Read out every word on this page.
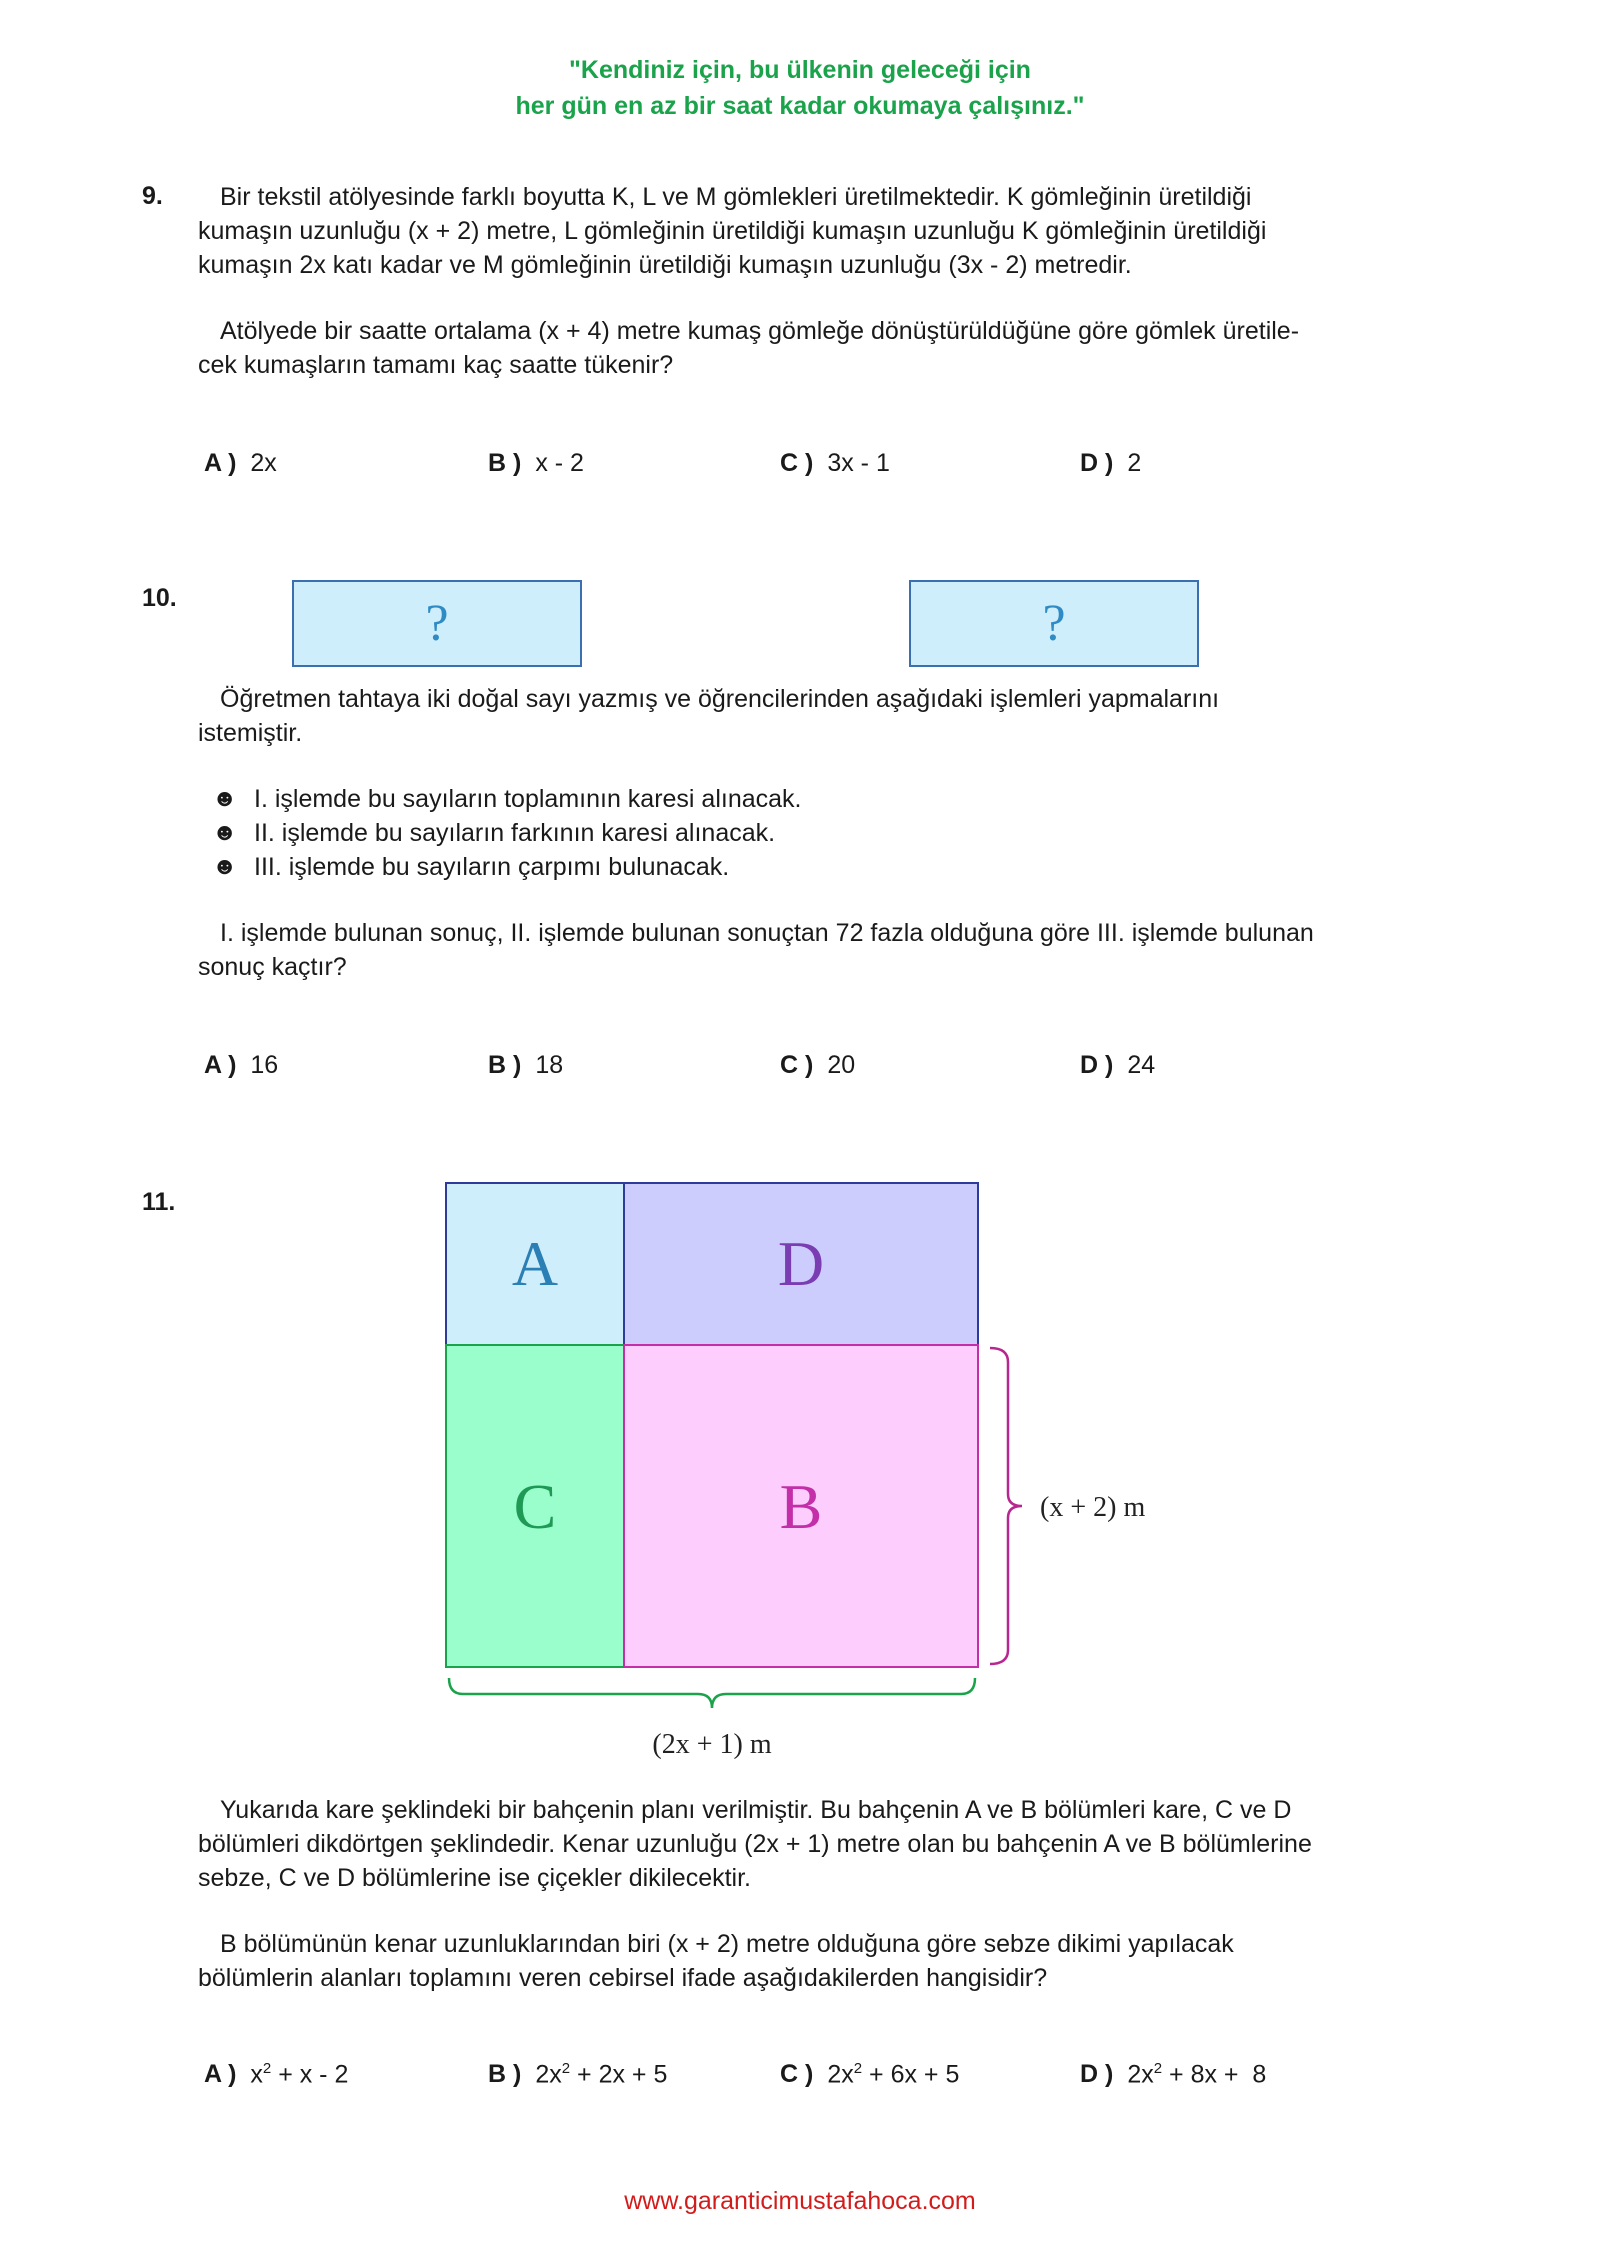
"Kendiniz için, bu ülkenin geleceği için
her gün en az bir saat kadar okumaya çalışınız."
9.	Bir tekstil atölyesinde farklı boyutta K, L ve M gömlekleri üretilmektedir. K gömleğinin üretildiği
kumaşın uzunluğu (x + 2) metre, L gömleğinin üretildiği kumaşın uzunluğu K gömleğinin üretildiği
kumaşın 2x katı kadar ve M gömleğinin üretildiği kumaşın uzunluğu (3x - 2) metredir.
Atölyede bir saatte ortalama (x + 4) metre kumaş gömleğe dönüştürüldüğüne göre gömlek üretile-
cek kumaşların tamamı kaç saatte tükenir?
A ) 2x	B ) x - 2	C ) 3x - 1	D ) 2
10.	?	?
Öğretmen tahtaya iki doğal sayı yazmış ve öğrencilerinden aşağıdaki işlemleri yapmalarını
istemiştir.
☻ I. işlemde bu sayıların toplamının karesi alınacak.
☻ II. işlemde bu sayıların farkının karesi alınacak.
☻ III. işlemde bu sayıların çarpımı bulunacak.
I. işlemde bulunan sonuç, II. işlemde bulunan sonuçtan 72 fazla olduğuna göre III. işlemde bulunan
sonuç kaçtır?
A ) 16	B ) 18	C ) 20	D ) 24
11.
A	D
C	B	(x + 2) m
(2x + 1) m
Yukarıda kare şeklindeki bir bahçenin planı verilmiştir. Bu bahçenin A ve B bölümleri kare, C ve D
bölümleri dikdörtgen şeklindedir. Kenar uzunluğu (2x + 1) metre olan bu bahçenin A ve B bölümlerine
sebze, C ve D bölümlerine ise çiçekler dikilecektir.
B bölümünün kenar uzunluklarından biri (x + 2) metre olduğuna göre sebze dikimi yapılacak
bölümlerin alanları toplamını veren cebirsel ifade aşağıdakilerden hangisidir?
A ) $x^2 + x - 2$	B ) $2x^2 + 2x + 5$	C ) $2x^2 + 6x + 5$	D ) $2x^2 + 8x + 8$
www.garanticimustafahoca.com
